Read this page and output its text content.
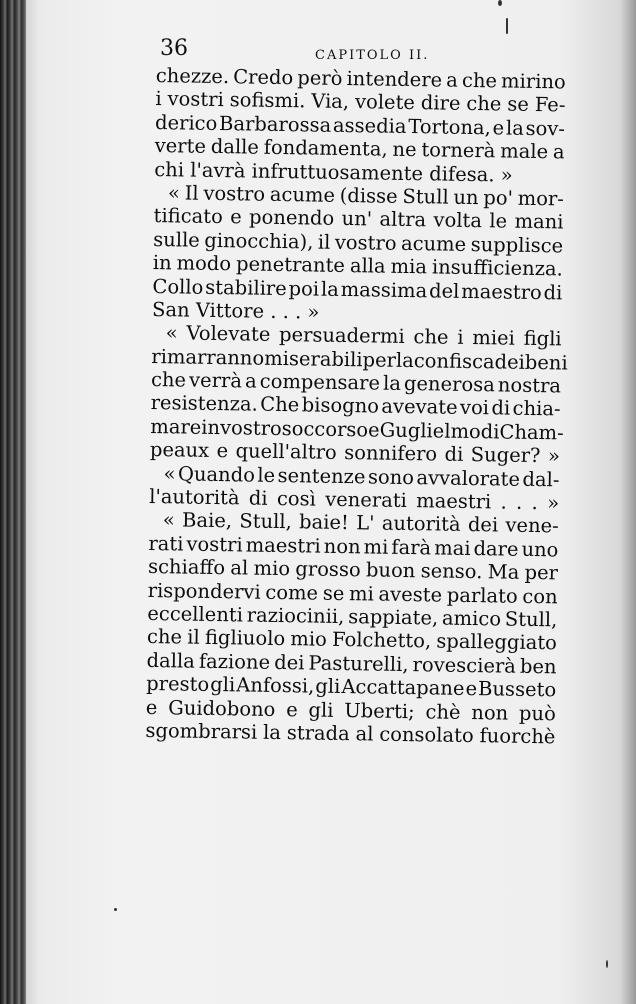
36	CAPITOLO II.
chezze. Credo però intendere a che mirino
i vostri sofismi. Via, volete dire che se Fe-
derico Barbarossa assedia Tortona, e la sov-
verte dalle fondamenta, ne tornerà male a
chi l'avrà infruttuosamente difesa. »
« Il vostro acume (disse Stull un po' mor-
tificato e ponendo un' altra volta le mani
sulle ginocchia), il vostro acume supplisce
in modo penetrante alla mia insufficienza.
Collo stabilire poi la massima del maestro di
San Vittore . . . »
« Volevate persuadermi che i miei figli
rimarranno miserabili per la confisca dei beni
che verrà a compensare la generosa nostra
resistenza. Che bisogno avevate voi di chia-
mare in vostro soccorso e Guglielmo di Cham-
peaux e quell'altro sonnifero di Suger? »
« Quando le sentenze sono avvalorate dal-
l'autorità di così venerati maestri . . . »
« Baie, Stull, baie! L' autorità dei vene-
rati vostri maestri non mi farà mai dare uno
schiaffo al mio grosso buon senso. Ma per
rispondervi come se mi aveste parlato con
eccellenti raziocinii, sappiate, amico Stull,
che il figliuolo mio Folchetto, spalleggiato
dalla fazione dei Pasturelli, rovescierà ben
presto gli Anfossi, gli Accattapane e Busseto
e Guidobono e gli Uberti; chè non può
sgombrarsi la strada al consolato fuorchè
